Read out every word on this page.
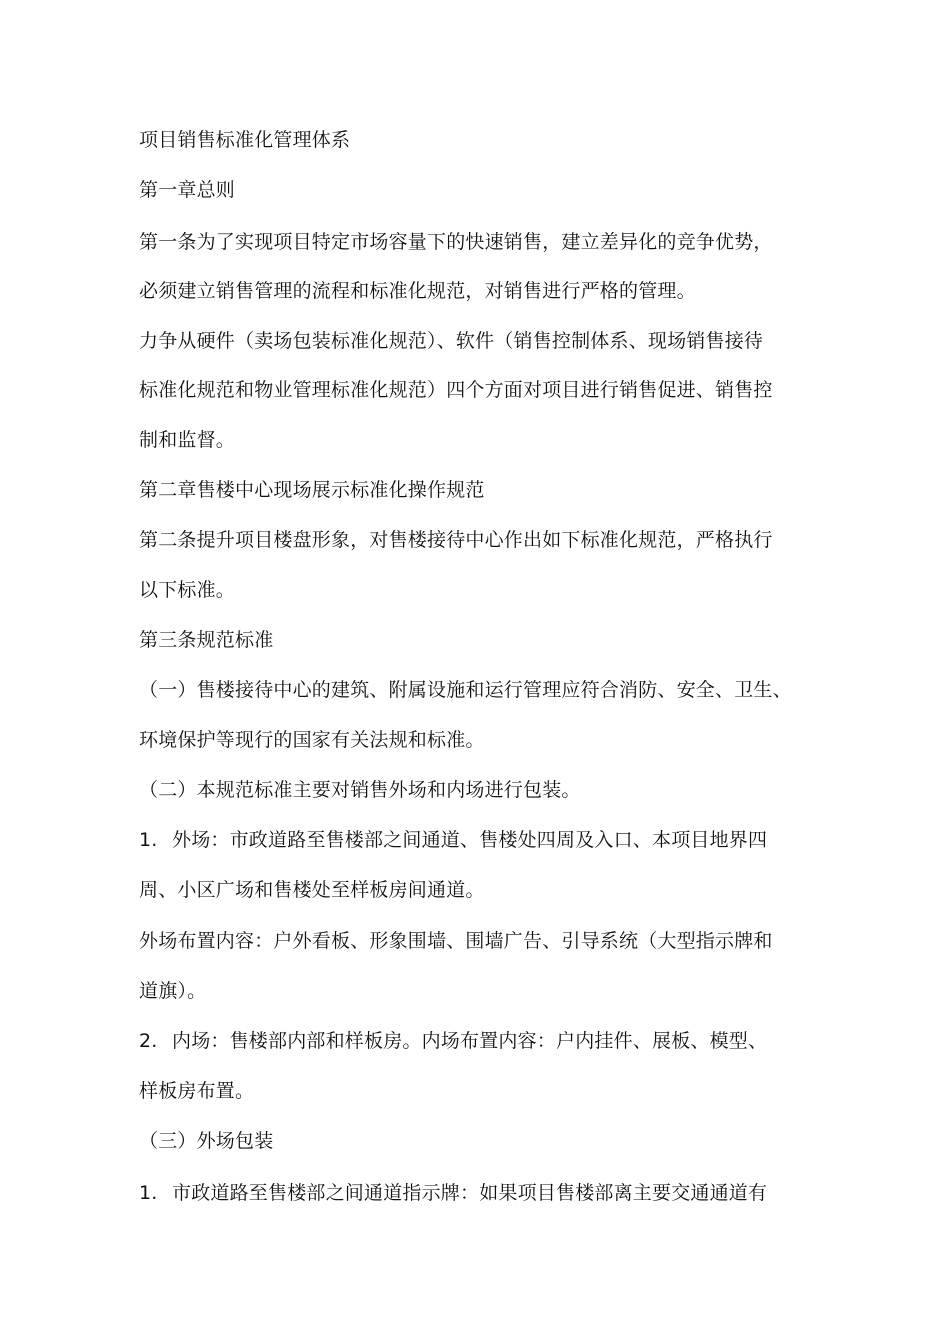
项目销售标准化管理体系
第一章总则
第一条为了实现项目特定市场容量下的快速销售，建立差异化的竞争优势，
必须建立销售管理的流程和标准化规范，对销售进行严格的管理。
力争从硬件（卖场包装标准化规范）、软件（销售控制体系、现场销售接待
标准化规范和物业管理标准化规范）四个方面对项目进行销售促进、销售控
制和监督。
第二章售楼中心现场展示标准化操作规范
第二条提升项目楼盘形象，对售楼接待中心作出如下标准化规范，严格执行
以下标准。
第三条规范标准
（一）售楼接待中心的建筑、附属设施和运行管理应符合消防、安全、卫生、
环境保护等现行的国家有关法规和标准。
（二）本规范标准主要对销售外场和内场进行包装。
1. 外场：市政道路至售楼部之间通道、售楼处四周及入口、本项目地界四
周、小区广场和售楼处至样板房间通道。
外场布置内容：户外看板、形象围墙、围墙广告、引导系统（大型指示牌和
道旗）。
2. 内场：售楼部内部和样板房。内场布置内容：户内挂件、展板、模型、
样板房布置。
（三）外场包装
1. 市政道路至售楼部之间通道指示牌：如果项目售楼部离主要交通通道有
